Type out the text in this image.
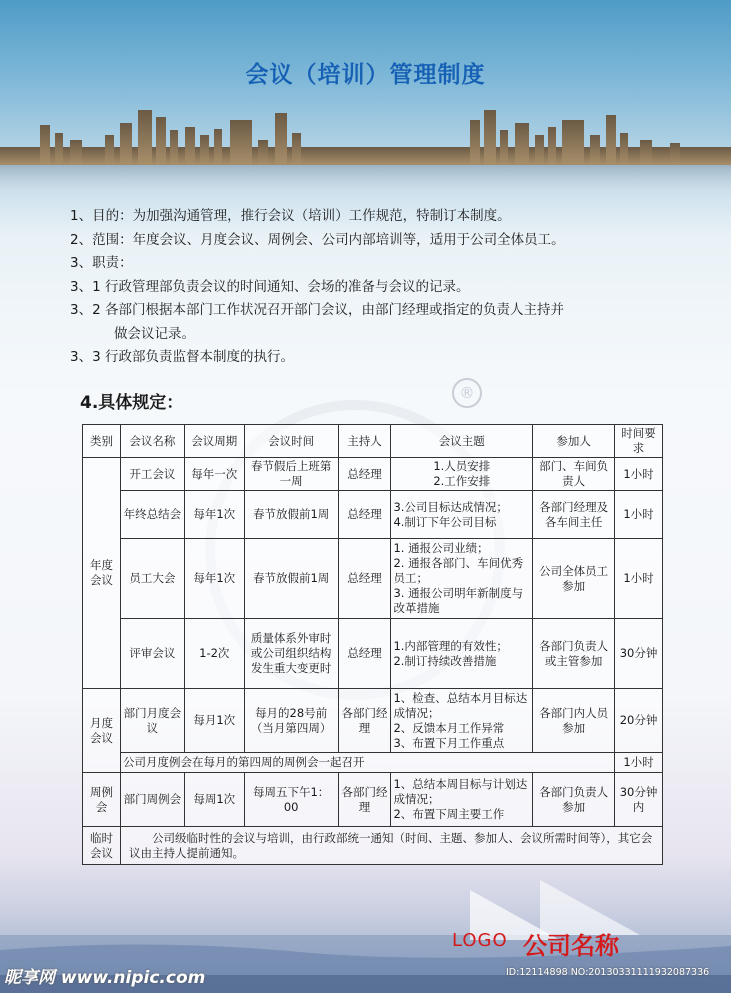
会议（培训）管理制度
1、目的：为加强沟通管理，推行会议（培训）工作规范，特制订本制度。
2、范围：年度会议、月度会议、周例会、公司内部培训等，适用于公司全体员工。
3、职责：
3、1 行政管理部负责会议的时间通知、会场的准备与会议的记录。
3、2 各部门根据本部门工作状况召开部门会议，由部门经理或指定的负责人主持并
做会议记录。
3、3 行政部负责监督本制度的执行。
®
4.具体规定：
类别	会议名称	会议周期	会议时间	主持人	会议主题	参加人	时间要求

年度会议	开工会议	每年一次	春节假后上班第一周	总经理	1.人员安排
2.工作安排	部门、车间负责人	1小时
	年终总结会	每年1次	春节放假前1周	总经理	3.公司目标达成情况；
4.制订下年公司目标	各部门经理及各车间主任	1小时
	员工大会	每年1次	春节放假前1周	总经理	1. 通报公司业绩；
2. 通报各部门、车间优秀员工；
3. 通报公司明年新制度与改革措施	公司全体员工参加	1小时
	评审会议	1-2次	质量体系外审时或公司组织结构发生重大变更时	总经理	1.内部管理的有效性；
2.制订持续改善措施	各部门负责人或主管参加	30分钟

月度会议	部门月度会议	每月1次	每月的28号前（当月第四周）	各部门经理	1、检查、总结本月目标达成情况；
2、反馈本月工作异常
3、布置下月工作重点	各部门内人员参加	20分钟
	公司月度例会在每月的第四周的周例会一起召开						1小时

周例会	部门周例会	每周1次	每周五下午1：00	各部门经理	1、总结本周目标与计划达成情况；
2、布置下周主要工作	各部门负责人参加	30分钟内

临时会议	公司级临时性的会议与培训，由行政部统一通知（时间、主题、参加人、会议所需时间等），其它会议由主持人提前通知。						
LOGO 公司名称
昵享网 www.nipic.com	ID:12114898 NO:20130331111932087336
